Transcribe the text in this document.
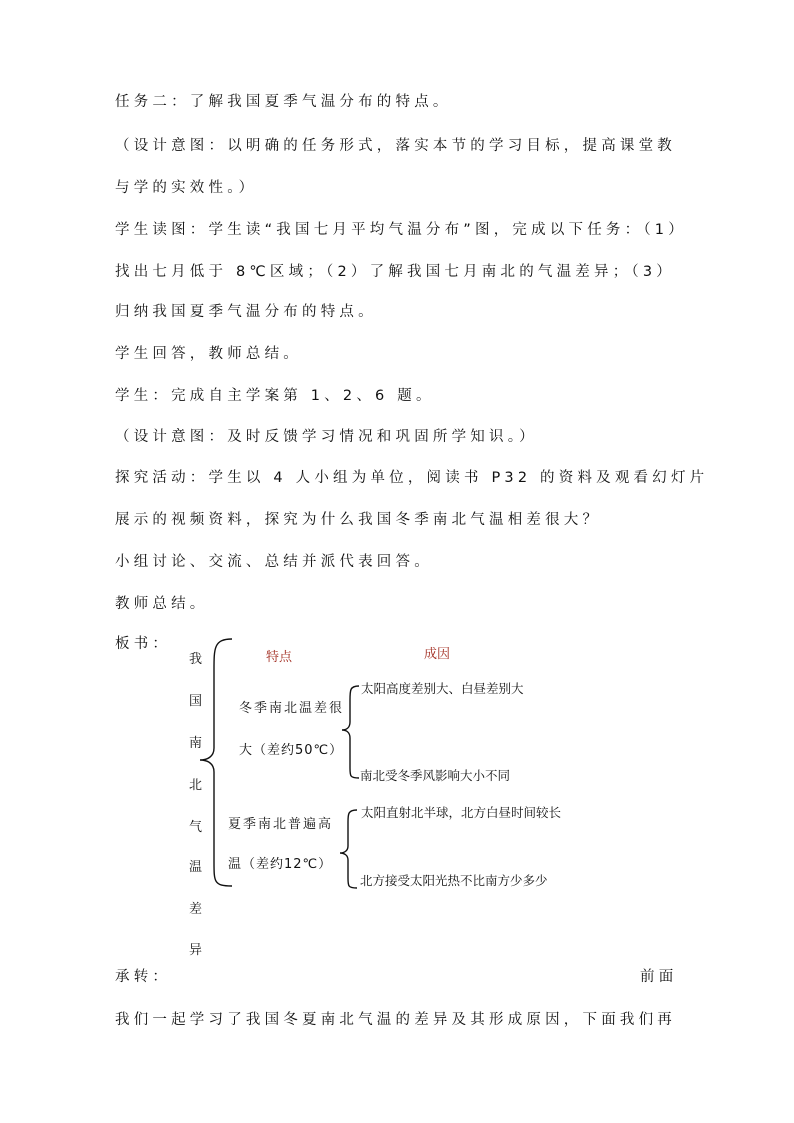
任务二：了解我国夏季气温分布的特点。
（设计意图：以明确的任务形式，落实本节的学习目标，提高课堂教
与学的实效性。）
学生读图：学生读“我国七月平均气温分布”图，完成以下任务：（1）
找出七月低于 8℃区域；（2）了解我国七月南北的气温差异；（3）
归纳我国夏季气温分布的特点。
学生回答，教师总结。
学生：完成自主学案第 1、2、6 题。
（设计意图：及时反馈学习情况和巩固所学知识。）
探究活动：学生以 4 人小组为单位，阅读书 P32 的资料及观看幻灯片
展示的视频资料，探究为什么我国冬季南北气温相差很大？
小组讨论、交流、总结并派代表回答。
教师总结。
板书：
我
国
南
北
气
温
差
异
特点	成因
冬季南北温差很
大（差约50℃）
太阳高度差别大、白昼差别大
南北受冬季风影响大小不同
夏季南北普遍高
温（差约12℃）
太阳直射北半球，北方白昼时间较长
北方接受太阳光热不比南方少多少
承转：	前面
我们一起学习了我国冬夏南北气温的差异及其形成原因，下面我们再
